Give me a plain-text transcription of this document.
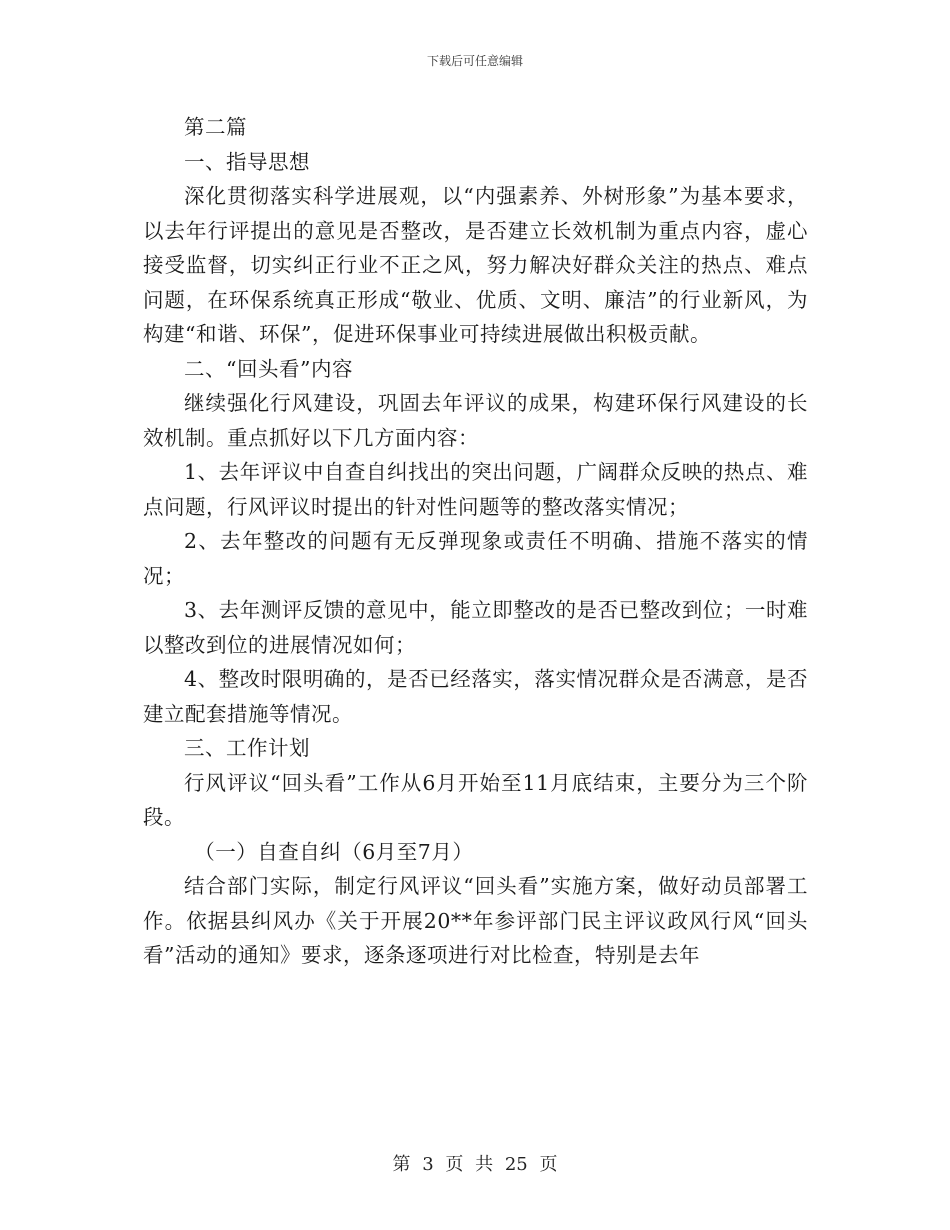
下载后可任意编辑

第二篇

一、指导思想

深化贯彻落实科学进展观，以“内强素养、外树形象”为基本要求，以去年行评提出的意见是否整改，是否建立长效机制为重点内容，虚心接受监督，切实纠正行业不正之风，努力解决好群众关注的热点、难点问题，在环保系统真正形成“敬业、优质、文明、廉洁”的行业新风，为构建“和谐、环保”，促进环保事业可持续进展做出积极贡献。

二、“回头看”内容

继续强化行风建设，巩固去年评议的成果，构建环保行风建设的长效机制。重点抓好以下几方面内容：

1、去年评议中自查自纠找出的突出问题，广阔群众反映的热点、难点问题，行风评议时提出的针对性问题等的整改落实情况；

2、去年整改的问题有无反弹现象或责任不明确、措施不落实的情况；

3、去年测评反馈的意见中，能立即整改的是否已整改到位；一时难以整改到位的进展情况如何；

4、整改时限明确的，是否已经落实，落实情况群众是否满意，是否建立配套措施等情况。

三、工作计划

行风评议“回头看”工作从6月开始至11月底结束，主要分为三个阶段。

（一）自查自纠（6月至7月）

结合部门实际，制定行风评议“回头看”实施方案，做好动员部署工作。依据县纠风办《关于开展20**年参评部门民主评议政风行风“回头看”活动的通知》要求，逐条逐项进行对比检查，特别是去年

第 3 页 共 25 页
